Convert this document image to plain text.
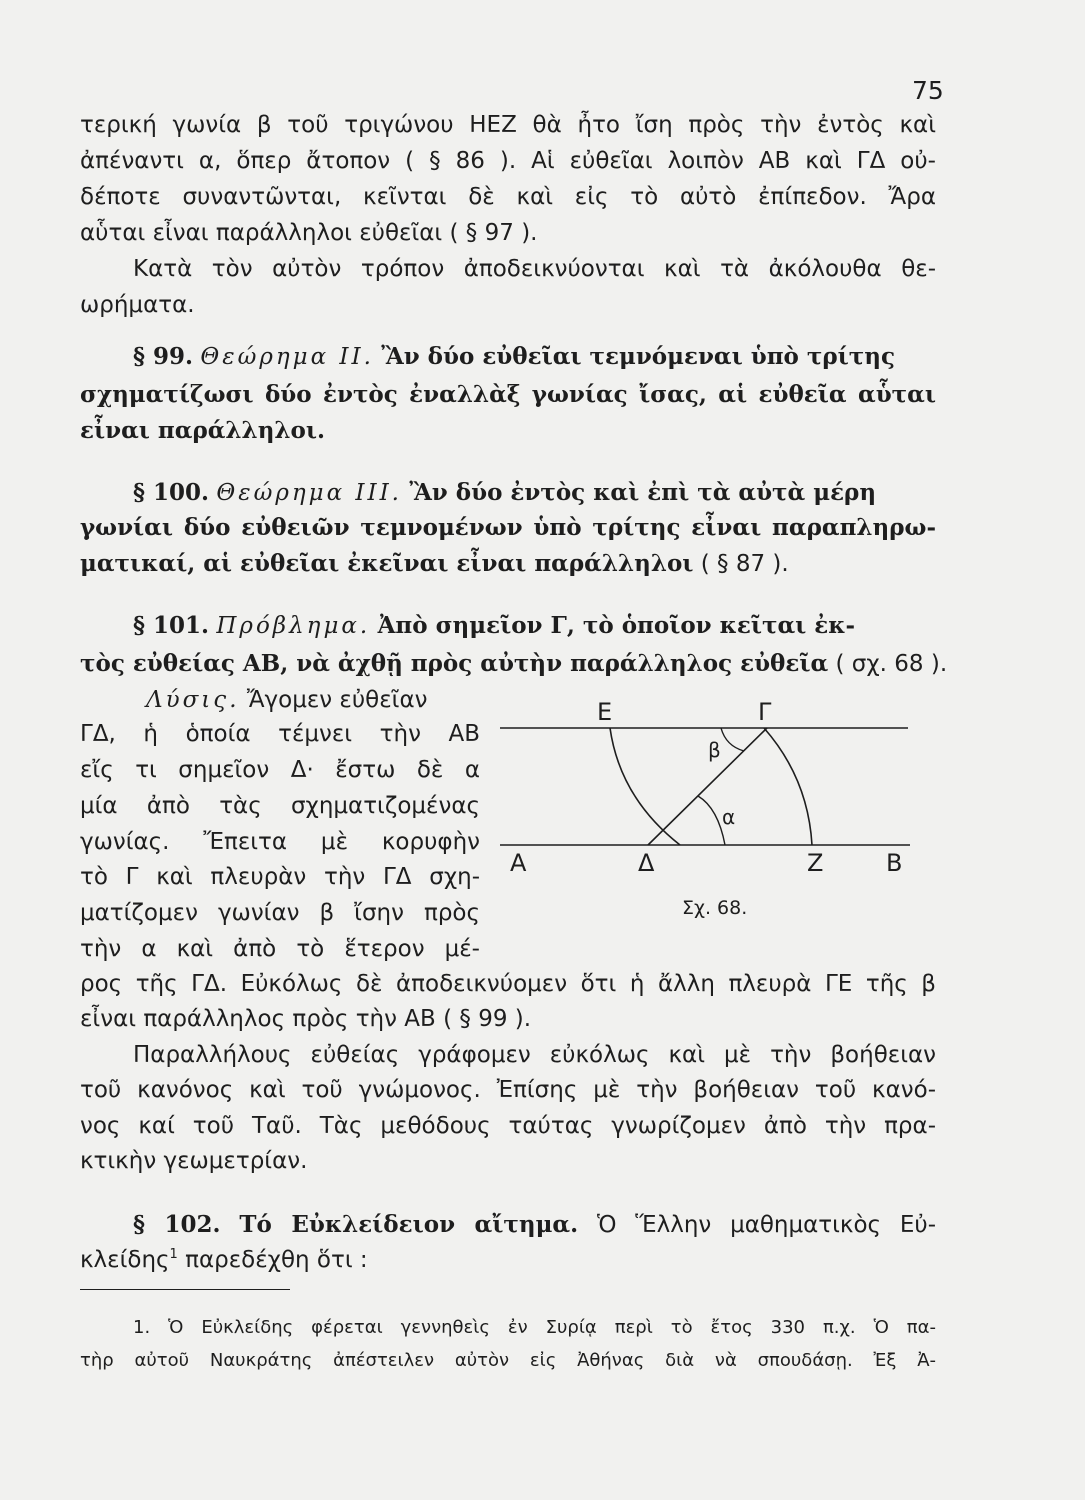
75
τερική γωνία β τοῦ τριγώνου ΗΕΖ θὰ ἦτο ἴση πρὸς τὴν ἐντὸς καὶ
ἀπέναντι α, ὅπερ ἄτοπον ( § 86 ). Αἱ εὐθεῖαι λοιπὸν ΑΒ καὶ ΓΔ οὐ-
δέποτε συναντῶνται, κεῖνται δὲ καὶ εἰς τὸ αὐτὸ ἐπίπεδον. Ἄρα
αὗται εἶναι παράλληλοι εὐθεῖαι ( § 97 ).
Κατὰ τὸν αὐτὸν τρόπον ἀποδεικνύονται καὶ τὰ ἀκόλουθα θε-
ωρήματα.
§ 99. Θεώρημα II. Ἂν δύο εὐθεῖαι τεμνόμεναι ὑπὸ τρίτης
σχηματίζωσι δύο ἐντὸς ἐναλλὰξ γωνίας ἴσας, αἱ εὐθεῖα αὗται
εἶναι παράλληλοι.
§ 100. Θεώρημα III. Ἂν δύο ἐντὸς καὶ ἐπὶ τὰ αὐτὰ μέρη
γωνίαι δύο εὐθειῶν τεμνομένων ὑπὸ τρίτης εἶναι παραπληρω-
ματικαί, αἱ εὐθεῖαι ἐκεῖναι εἶναι παράλληλοι ( § 87 ).
§ 101. Πρόβλημα. Ἀπὸ σημεῖον Γ, τὸ ὁποῖον κεῖται ἐκ-
τὸς εὐθείας ΑΒ, νὰ ἀχθῇ πρὸς αὐτὴν παράλληλος εὐθεῖα ( σχ. 68 ).
Λύσις. Ἄγομεν εὐθεῖαν
ΓΔ, ἡ ὁποία τέμνει τὴν ΑΒ
εἴς τι σημεῖον Δ· ἔστω δὲ α
μία ἀπὸ τὰς σχηματιζομένας
γωνίας. Ἔπειτα μὲ κορυφὴν
τὸ Γ καὶ πλευρὰν τὴν ΓΔ σχη-
ματίζομεν γωνίαν β ἴσην πρὸς
τὴν α καὶ ἀπὸ τὸ ἕτερον μέ-
ρος τῆς ΓΔ. Εὐκόλως δὲ ἀποδεικνύομεν ὅτι ἡ ἄλλη πλευρὰ ΓΕ τῆς β
εἶναι παράλληλος πρὸς τὴν ΑΒ ( § 99 ).
Ε	Γ
β
α
Α	Δ	Ζ	Β
Σχ. 68.
Παραλλήλους εὐθείας γράφομεν εὐκόλως καὶ μὲ τὴν βοήθειαν
τοῦ κανόνος καὶ τοῦ γνώμονος. Ἐπίσης μὲ τὴν βοήθειαν τοῦ κανό-
νος καί τοῦ Ταῦ. Τὰς μεθόδους ταύτας γνωρίζομεν ἀπὸ τὴν πρα-
κτικὴν γεωμετρίαν.
§ 102. Τό Εὐκλείδειον αἴτημα. Ὁ Ἕλλην μαθηματικὸς Εὐ-
κλείδης$^1$ παρεδέχθη ὅτι :
1. Ὁ Εὐκλείδης φέρεται γεννηθεὶς ἐν Συρίᾳ περὶ τὸ ἔτος 330 π.χ. Ὁ πα-
τὴρ αὐτοῦ Ναυκράτης ἀπέστειλεν αὐτὸν εἰς Ἀθήνας διὰ νὰ σπουδάσῃ. Ἐξ Ἀ-
